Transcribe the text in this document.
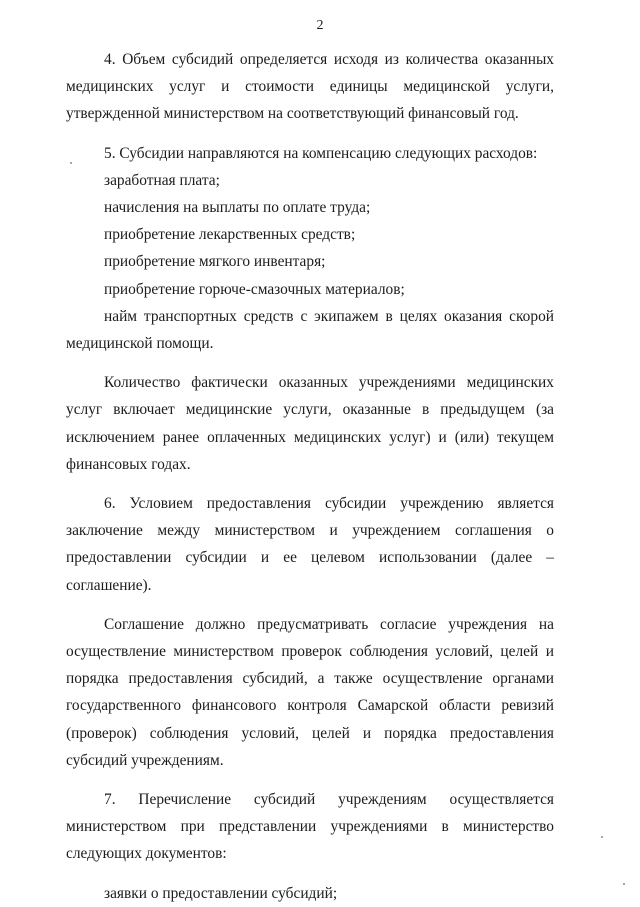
2

4. Объем субсидий определяется исходя из количества оказанных медицинских услуг и стоимости единицы медицинской услуги, утвержденной министерством на соответствующий финансовый год.

5. Субсидии направляются на компенсацию следующих расходов:

заработная плата;

начисления на выплаты по оплате труда;

приобретение лекарственных средств;

приобретение мягкого инвентаря;

приобретение горюче-смазочных материалов;

найм транспортных средств с экипажем в целях оказания скорой медицинской помощи.

Количество фактически оказанных учреждениями медицинских услуг включает медицинские услуги, оказанные в предыдущем (за исключением ранее оплаченных медицинских услуг) и (или) текущем финансовых годах.

6. Условием предоставления субсидии учреждению является заключение между министерством и учреждением соглашения о предоставлении субсидии и ее целевом использовании (далее – соглашение).

Соглашение должно предусматривать согласие учреждения на осуществление министерством проверок соблюдения условий, целей и порядка предоставления субсидий, а также осуществление органами государственного финансового контроля Самарской области ревизий (проверок) соблюдения условий, целей и порядка предоставления субсидий учреждениям.

7. Перечисление субсидий учреждениям осуществляется министерством при представлении учреждениями в министерство следующих документов:

заявки о предоставлении субсидий;
